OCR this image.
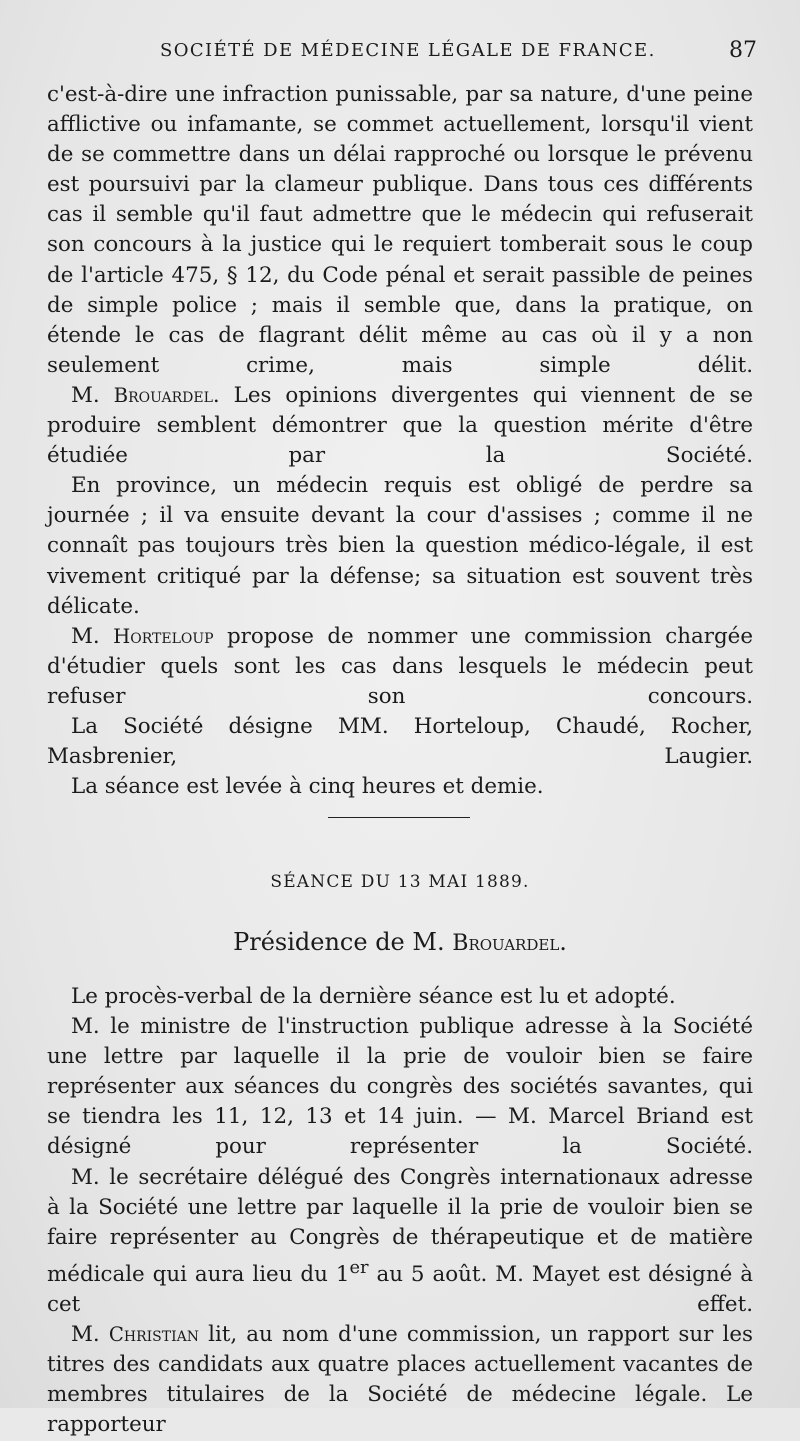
SOCIÉTÉ DE MÉDECINE LÉGALE DE FRANCE.	87

c'est-à-dire une infraction punissable, par sa nature, d'une peine afflictive ou infamante, se commet actuellement, lorsqu'il vient de se commettre dans un délai rapproché ou lorsque le prévenu est poursuivi par la clameur publique. Dans tous ces différents cas il semble qu'il faut admettre que le médecin qui refuserait son concours à la justice qui le requiert tomberait sous le coup de l'article 475, § 12, du Code pénal et serait passible de peines de simple police ; mais il semble que, dans la pratique, on étende le cas de flagrant délit même au cas où il y a non seulement crime, mais simple délit.

M. Brouardel. Les opinions divergentes qui viennent de se produire semblent démontrer que la question mérite d'être étudiée par la Société.

En province, un médecin requis est obligé de perdre sa journée ; il va ensuite devant la cour d'assises ; comme il ne connaît pas toujours très bien la question médico-légale, il est vivement critiqué par la défense; sa situation est souvent très délicate.

M. Horteloup propose de nommer une commission chargée d'étudier quels sont les cas dans lesquels le médecin peut refuser son concours.

La Société désigne MM. Horteloup, Chaudé, Rocher, Masbrenier, Laugier.

La séance est levée à cinq heures et demie.

SÉANCE DU 13 MAI 1889.
Présidence de M. Brouardel.

Le procès-verbal de la dernière séance est lu et adopté.

M. le ministre de l'instruction publique adresse à la Société une lettre par laquelle il la prie de vouloir bien se faire représenter aux séances du congrès des sociétés savantes, qui se tiendra les 11, 12, 13 et 14 juin. — M. Marcel Briand est désigné pour représenter la Société.

M. le secrétaire délégué des Congrès internationaux adresse à la Société une lettre par laquelle il la prie de vouloir bien se faire représenter au Congrès de thérapeutique et de matière médicale qui aura lieu du 1er au 5 août. M. Mayet est désigné à cet effet.

M. Christian lit, au nom d'une commission, un rapport sur les titres des candidats aux quatre places actuellement vacantes de membres titulaires de la Société de médecine légale. Le rapporteur
